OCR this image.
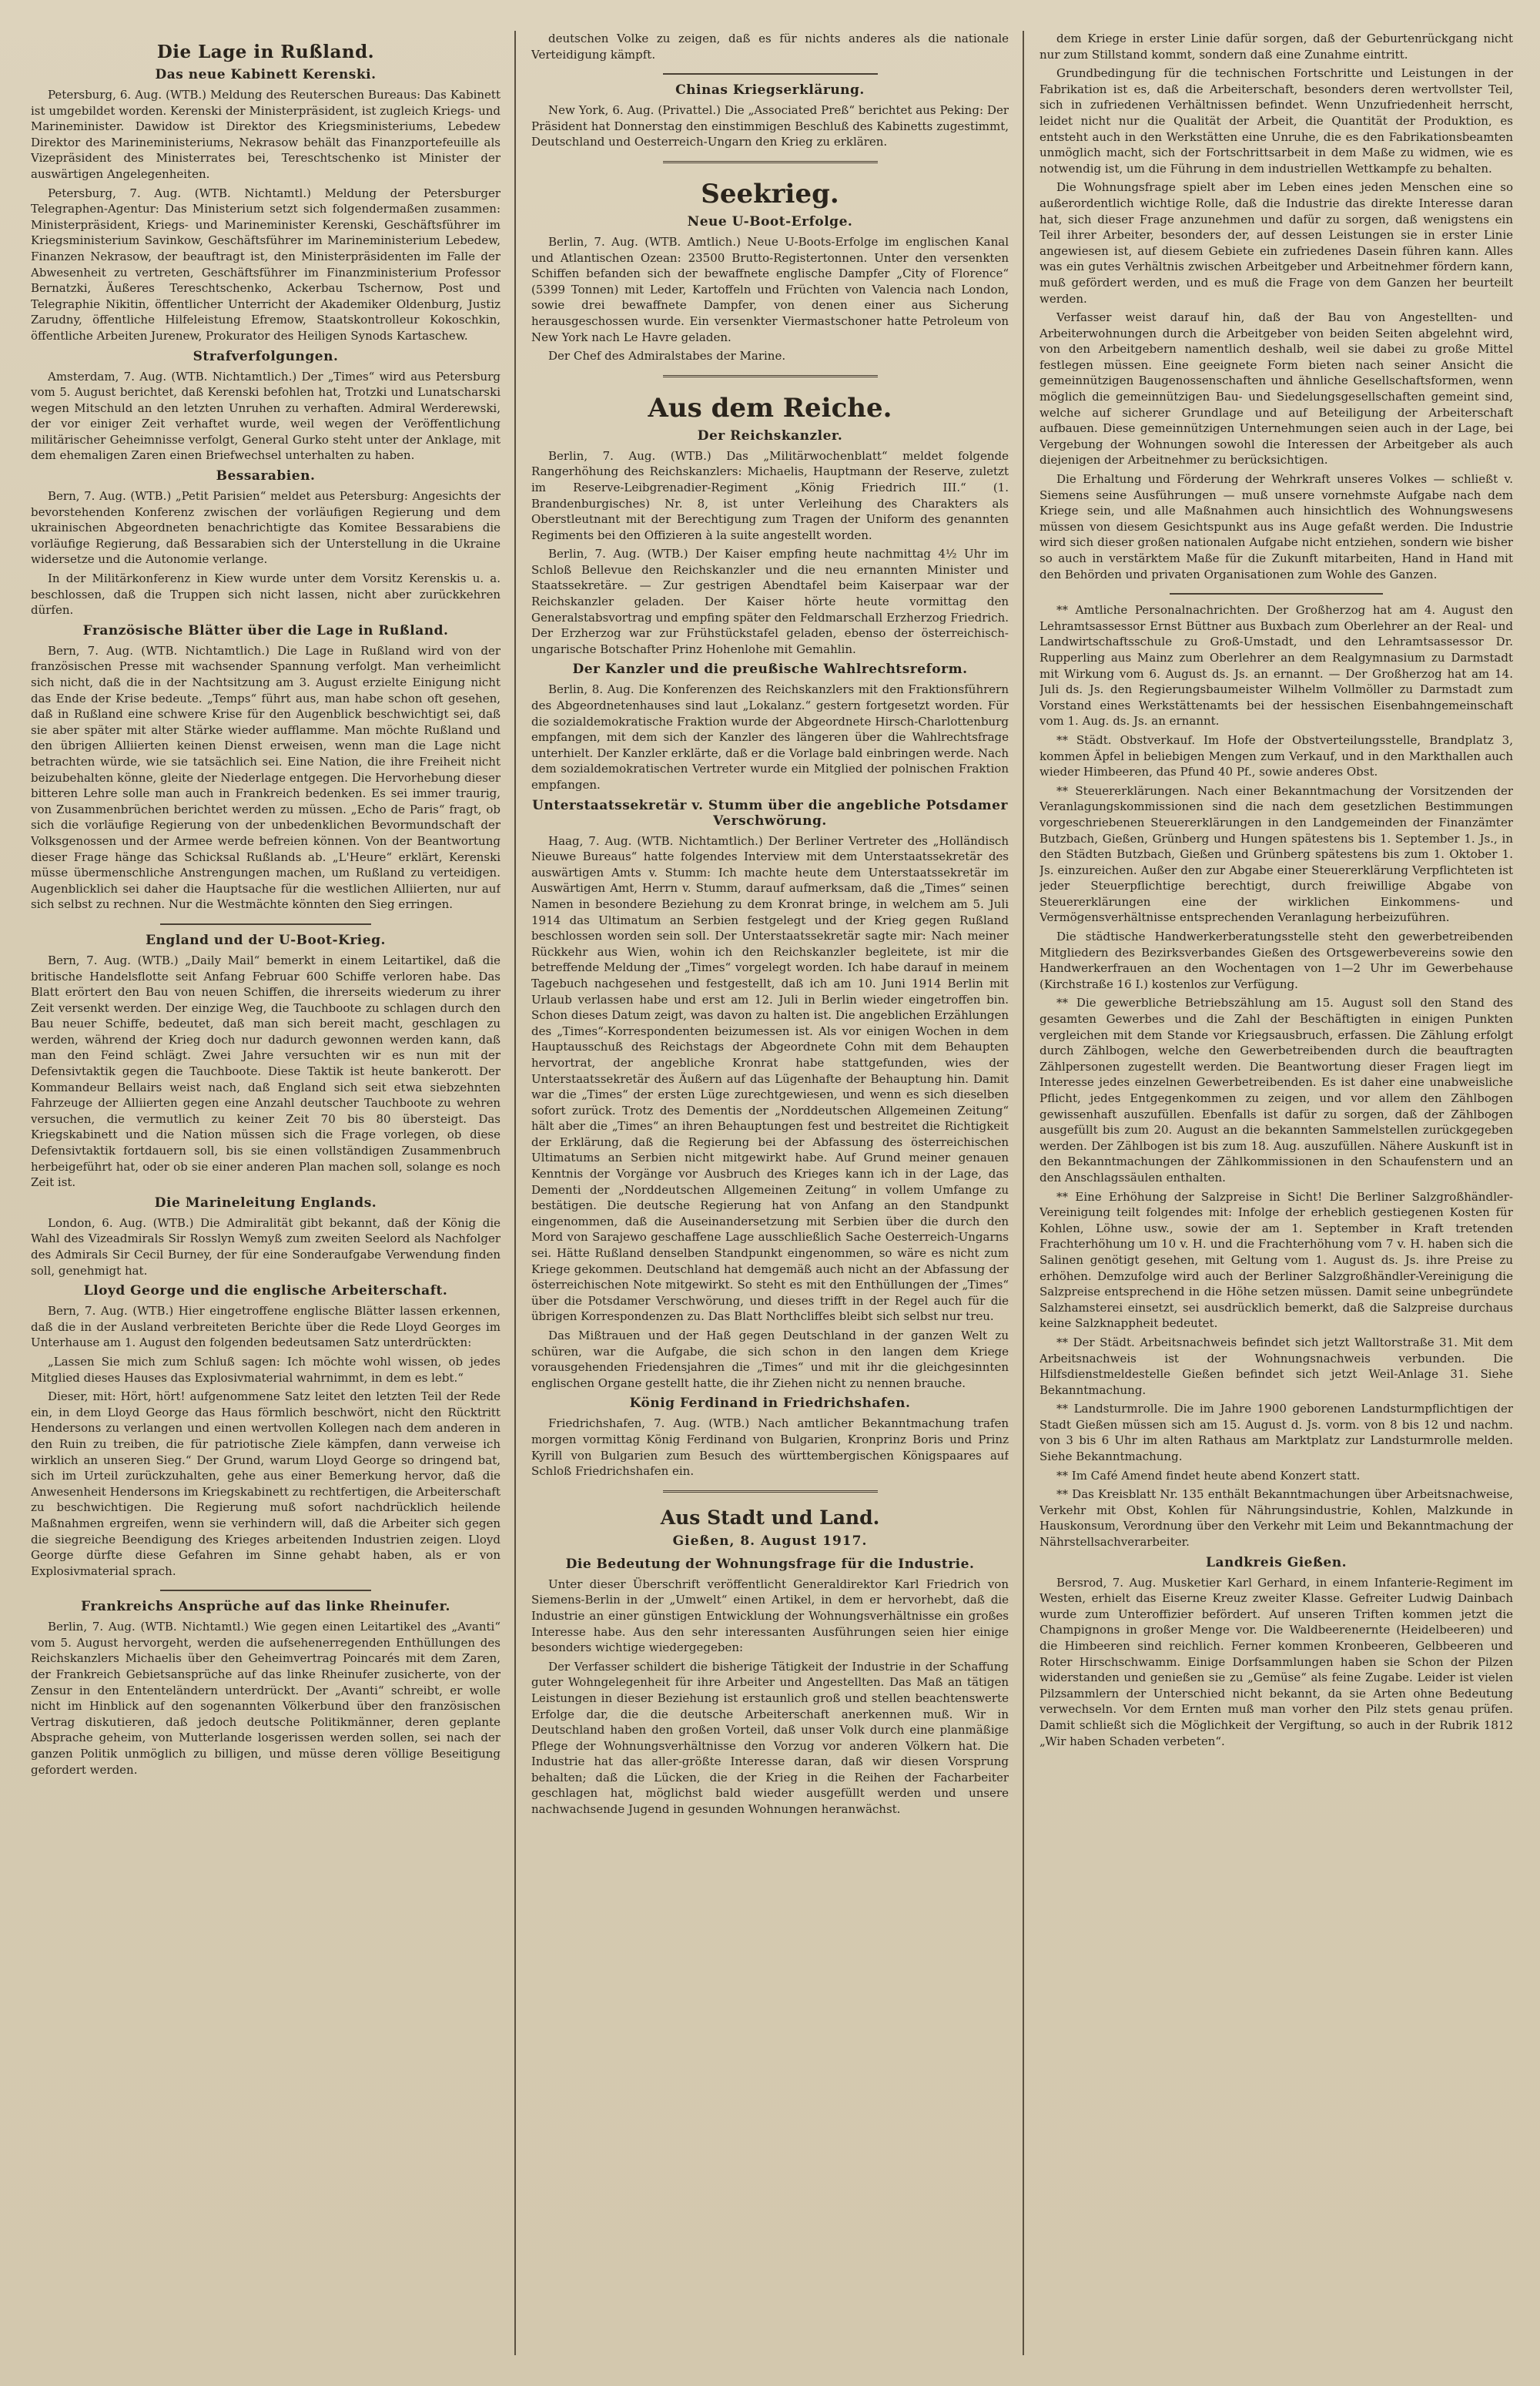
Die Lage in Rußland.
Das neue Kabinett Kerenski.

Petersburg, 6. Aug. (WTB.) Meldung des Reuterschen Bureaus: Das Kabinett ist umgebildet worden. Kerenski der Ministerpräsident, ist zugleich Kriegs- und Marineminister. Dawidow ist Direktor des Kriegsministeriums, Lebedew Direktor des Marineministeriums, Nekrasow behält das Finanzportefeuille als Vizepräsident des Ministerrates bei, Tereschtschenko ist Minister der auswärtigen Angelegenheiten.

Petersburg, 7. Aug. (WTB. Nichtamtl.) Meldung der Petersburger Telegraphen-Agentur: Das Ministerium setzt sich folgendermaßen zusammen: Ministerpräsident, Kriegs- und Marineminister Kerenski, Geschäftsführer im Kriegsministerium Savinkow, Geschäftsführer im Marineministerium Lebedew, Finanzen Nekrasow, der beauftragt ist, den Ministerpräsidenten im Falle der Abwesenheit zu vertreten, Geschäftsführer im Finanzministerium Professor Bernatzki, Äußeres Tereschtschenko, Ackerbau Tschernow, Post und Telegraphie Nikitin, öffentlicher Unterricht der Akademiker Oldenburg, Justiz Zarudny, öffentliche Hilfeleistung Efremow, Staatskontrolleur Kokoschkin, öffentliche Arbeiten Jurenew, Prokurator des Heiligen Synods Kartaschew.

Strafverfolgungen.

Amsterdam, 7. Aug. (WTB. Nichtamtlich.) Der „Times“ wird aus Petersburg vom 5. August berichtet, daß Kerenski befohlen hat, Trotzki und Lunatscharski wegen Mitschuld an den letzten Unruhen zu verhaften. Admiral Werderewski, der vor einiger Zeit verhaftet wurde, weil wegen der Veröffentlichung militärischer Geheimnisse verfolgt, General Gurko steht unter der Anklage, mit dem ehemaligen Zaren einen Briefwechsel unterhalten zu haben.

Bessarabien.

Bern, 7. Aug. (WTB.) „Petit Parisien“ meldet aus Petersburg: Angesichts der bevorstehenden Konferenz zwischen der vorläufigen Regierung und dem ukrainischen Abgeordneten benachrichtigte das Komitee Bessarabiens die vorläufige Regierung, daß Bessarabien sich der Unterstellung in die Ukraine widersetze und die Autonomie verlange.

In der Militärkonferenz in Kiew wurde unter dem Vorsitz Kerenskis u. a. beschlossen, daß die Truppen sich nicht lassen, nicht aber zurückkehren dürfen.

Französische Blätter über die Lage in Rußland.

Bern, 7. Aug. (WTB. Nichtamtlich.) Die Lage in Rußland wird von der französischen Presse mit wachsender Spannung verfolgt. Man verheimlicht sich nicht, daß die in der Nachtsitzung am 3. August erzielte Einigung nicht das Ende der Krise bedeute. „Temps“ führt aus, man habe schon oft gesehen, daß in Rußland eine schwere Krise für den Augenblick beschwichtigt sei, daß sie aber später mit alter Stärke wieder aufflamme. Man möchte Rußland und den übrigen Alliierten keinen Dienst erweisen, wenn man die Lage nicht betrachten würde, wie sie tatsächlich sei. Eine Nation, die ihre Freiheit nicht beizubehalten könne, gleite der Niederlage entgegen. Die Hervorhebung dieser bitteren Lehre solle man auch in Frankreich bedenken. Es sei immer traurig, von Zusammenbrüchen berichtet werden zu müssen. „Echo de Paris“ fragt, ob sich die vorläufige Regierung von der unbedenklichen Bevormundschaft der Volksgenossen und der Armee werde befreien können. Von der Beantwortung dieser Frage hänge das Schicksal Rußlands ab. „L'Heure“ erklärt, Kerenski müsse übermenschliche Anstrengungen machen, um Rußland zu verteidigen. Augenblicklich sei daher die Hauptsache für die westlichen Alliierten, nur auf sich selbst zu rechnen. Nur die Westmächte könnten den Sieg erringen.

England und der U-Boot-Krieg.

Bern, 7. Aug. (WTB.) „Daily Mail“ bemerkt in einem Leitartikel, daß die britische Handelsflotte seit Anfang Februar 600 Schiffe verloren habe. Das Blatt erörtert den Bau von neuen Schiffen, die ihrerseits wiederum zu ihrer Zeit versenkt werden. Der einzige Weg, die Tauchboote zu schlagen durch den Bau neuer Schiffe, bedeutet, daß man sich bereit macht, geschlagen zu werden, während der Krieg doch nur dadurch gewonnen werden kann, daß man den Feind schlägt. Zwei Jahre versuchten wir es nun mit der Defensivtaktik gegen die Tauchboote. Diese Taktik ist heute bankerott. Der Kommandeur Bellairs weist nach, daß England sich seit etwa siebzehnten Fahrzeuge der Alliierten gegen eine Anzahl deutscher Tauchboote zu wehren versuchen, die vermutlich zu keiner Zeit 70 bis 80 übersteigt. Das Kriegskabinett und die Nation müssen sich die Frage vorlegen, ob diese Defensivtaktik fortdauern soll, bis sie einen vollständigen Zusammenbruch herbeigeführt hat, oder ob sie einer anderen Plan machen soll, solange es noch Zeit ist.

Die Marineleitung Englands.

London, 6. Aug. (WTB.) Die Admiralität gibt bekannt, daß der König die Wahl des Vizeadmirals Sir Rosslyn Wemyß zum zweiten Seelord als Nachfolger des Admirals Sir Cecil Burney, der für eine Sonderaufgabe Verwendung finden soll, genehmigt hat.

Lloyd George und die englische Arbeiterschaft.

Bern, 7. Aug. (WTB.) Hier eingetroffene englische Blätter lassen erkennen, daß die in der Ausland verbreiteten Berichte über die Rede Lloyd Georges im Unterhause am 1. August den folgenden bedeutsamen Satz unterdrückten:

„Lassen Sie mich zum Schluß sagen: Ich möchte wohl wissen, ob jedes Mitglied dieses Hauses das Explosivmaterial wahrnimmt, in dem es lebt.“

Dieser, mit: Hört, hört! aufgenommene Satz leitet den letzten Teil der Rede ein, in dem Lloyd George das Haus förmlich beschwört, nicht den Rücktritt Hendersons zu verlangen und einen wertvollen Kollegen nach dem anderen in den Ruin zu treiben, die für patriotische Ziele kämpfen, dann verweise ich wirklich an unseren Sieg.“ Der Grund, warum Lloyd George so dringend bat, sich im Urteil zurückzuhalten, gehe aus einer Bemerkung hervor, daß die Anwesenheit Hendersons im Kriegskabinett zu rechtfertigen, die Arbeiterschaft zu beschwichtigen. Die Regierung muß sofort nachdrücklich heilende Maßnahmen ergreifen, wenn sie verhindern will, daß die Arbeiter sich gegen die siegreiche Beendigung des Krieges arbeitenden Industrien zeigen. Lloyd George dürfte diese Gefahren im Sinne gehabt haben, als er von Explosivmaterial sprach.

Frankreichs Ansprüche auf das linke Rheinufer.

Berlin, 7. Aug. (WTB. Nichtamtl.) Wie gegen einen Leitartikel des „Avanti“ vom 5. August hervorgeht, werden die aufsehenerregenden Enthüllungen des Reichskanzlers Michaelis über den Geheimvertrag Poincarés mit dem Zaren, der Frankreich Gebietsansprüche auf das linke Rheinufer zusicherte, von der Zensur in den Ententeländern unterdrückt. Der „Avanti“ schreibt, er wolle nicht im Hinblick auf den sogenannten Völkerbund über den französischen Vertrag diskutieren, daß jedoch deutsche Politikmänner, deren geplante Absprache geheim, von Mutterlande losgerissen werden sollen, sei nach der ganzen Politik unmöglich zu billigen, und müsse deren völlige Beseitigung gefordert werden.

deutschen Volke zu zeigen, daß es für nichts anderes als die nationale Verteidigung kämpft.

Chinas Kriegserklärung.

New York, 6. Aug. (Privattel.) Die „Associated Preß“ berichtet aus Peking: Der Präsident hat Donnerstag den einstimmigen Beschluß des Kabinetts zugestimmt, Deutschland und Oesterreich-Ungarn den Krieg zu erklären.

Seekrieg.
Neue U-Boot-Erfolge.

Berlin, 7. Aug. (WTB. Amtlich.) Neue U-Boots-Erfolge im englischen Kanal und Atlantischen Ozean: 23500 Brutto-Registertonnen. Unter den versenkten Schiffen befanden sich der bewaffnete englische Dampfer „City of Florence“ (5399 Tonnen) mit Leder, Kartoffeln und Früchten von Valencia nach London, sowie drei bewaffnete Dampfer, von denen einer aus Sicherung herausgeschossen wurde. Ein versenkter Viermastschoner hatte Petroleum von New York nach Le Havre geladen.

Der Chef des Admiralstabes der Marine.

Aus dem Reiche.
Der Reichskanzler.

Berlin, 7. Aug. (WTB.) Das „Militärwochenblatt“ meldet folgende Rangerhöhung des Reichskanzlers: Michaelis, Hauptmann der Reserve, zuletzt im Reserve-Leibgrenadier-Regiment „König Friedrich III.“ (1. Brandenburgisches) Nr. 8, ist unter Verleihung des Charakters als Oberstleutnant mit der Berechtigung zum Tragen der Uniform des genannten Regiments bei den Offizieren à la suite angestellt worden.

Berlin, 7. Aug. (WTB.) Der Kaiser empfing heute nachmittag 4½ Uhr im Schloß Bellevue den Reichskanzler und die neu ernannten Minister und Staatssekretäre. — Zur gestrigen Abendtafel beim Kaiserpaar war der Reichskanzler geladen. Der Kaiser hörte heute vormittag den Generalstabsvortrag und empfing später den Feldmarschall Erzherzog Friedrich. Der Erzherzog war zur Frühstückstafel geladen, ebenso der österreichisch-ungarische Botschafter Prinz Hohenlohe mit Gemahlin.

Der Kanzler und die preußische Wahlrechtsreform.

Berlin, 8. Aug. Die Konferenzen des Reichskanzlers mit den Fraktionsführern des Abgeordnetenhauses sind laut „Lokalanz.“ gestern fortgesetzt worden. Für die sozialdemokratische Fraktion wurde der Abgeordnete Hirsch-Charlottenburg empfangen, mit dem sich der Kanzler des längeren über die Wahlrechtsfrage unterhielt. Der Kanzler erklärte, daß er die Vorlage bald einbringen werde. Nach dem sozialdemokratischen Vertreter wurde ein Mitglied der polnischen Fraktion empfangen.

Unterstaatssekretär v. Stumm über die angebliche Potsdamer Verschwörung.

Haag, 7. Aug. (WTB. Nichtamtlich.) Der Berliner Vertreter des „Holländisch Nieuwe Bureaus“ hatte folgendes Interview mit dem Unterstaatssekretär des auswärtigen Amts v. Stumm: Ich machte heute dem Unterstaatssekretär im Auswärtigen Amt, Herrn v. Stumm, darauf aufmerksam, daß die „Times“ seinen Namen in besondere Beziehung zu dem Kronrat bringe, in welchem am 5. Juli 1914 das Ultimatum an Serbien festgelegt und der Krieg gegen Rußland beschlossen worden sein soll. Der Unterstaatssekretär sagte mir: Nach meiner Rückkehr aus Wien, wohin ich den Reichskanzler begleitete, ist mir die betreffende Meldung der „Times“ vorgelegt worden. Ich habe darauf in meinem Tagebuch nachgesehen und festgestellt, daß ich am 10. Juni 1914 Berlin mit Urlaub verlassen habe und erst am 12. Juli in Berlin wieder eingetroffen bin. Schon dieses Datum zeigt, was davon zu halten ist. Die angeblichen Erzählungen des „Times“-Korrespondenten beizumessen ist. Als vor einigen Wochen in dem Hauptausschuß des Reichstags der Abgeordnete Cohn mit dem Behaupten hervortrat, der angebliche Kronrat habe stattgefunden, wies der Unterstaatssekretär des Äußern auf das Lügenhafte der Behauptung hin. Damit war die „Times“ der ersten Lüge zurechtgewiesen, und wenn es sich dieselben sofort zurück. Trotz des Dementis der „Norddeutschen Allgemeinen Zeitung“ hält aber die „Times“ an ihren Behauptungen fest und bestreitet die Richtigkeit der Erklärung, daß die Regierung bei der Abfassung des österreichischen Ultimatums an Serbien nicht mitgewirkt habe. Auf Grund meiner genauen Kenntnis der Vorgänge vor Ausbruch des Krieges kann ich in der Lage, das Dementi der „Norddeutschen Allgemeinen Zeitung“ in vollem Umfange zu bestätigen. Die deutsche Regierung hat von Anfang an den Standpunkt eingenommen, daß die Auseinandersetzung mit Serbien über die durch den Mord von Sarajewo geschaffene Lage ausschließlich Sache Oesterreich-Ungarns sei. Hätte Rußland denselben Standpunkt eingenommen, so wäre es nicht zum Kriege gekommen. Deutschland hat demgemäß auch nicht an der Abfassung der österreichischen Note mitgewirkt. So steht es mit den Enthüllungen der „Times“ über die Potsdamer Verschwörung, und dieses trifft in der Regel auch für die übrigen Korrespondenzen zu. Das Blatt Northcliffes bleibt sich selbst nur treu.

Das Mißtrauen und der Haß gegen Deutschland in der ganzen Welt zu schüren, war die Aufgabe, die sich schon in den langen dem Kriege vorausgehenden Friedensjahren die „Times“ und mit ihr die gleichgesinnten englischen Organe gestellt hatte, die ihr Ziehen nicht zu nennen brauche.

König Ferdinand in Friedrichshafen.

Friedrichshafen, 7. Aug. (WTB.) Nach amtlicher Bekanntmachung trafen morgen vormittag König Ferdinand von Bulgarien, Kronprinz Boris und Prinz Kyrill von Bulgarien zum Besuch des württembergischen Königspaares auf Schloß Friedrichshafen ein.

Aus Stadt und Land.
Gießen, 8. August 1917.
Die Bedeutung der Wohnungsfrage für die Industrie.

Unter dieser Überschrift veröffentlicht Generaldirektor Karl Friedrich von Siemens-Berlin in der „Umwelt“ einen Artikel, in dem er hervorhebt, daß die Industrie an einer günstigen Entwicklung der Wohnungsverhältnisse ein großes Interesse habe. Aus den sehr interessanten Ausführungen seien hier einige besonders wichtige wiedergegeben:

Der Verfasser schildert die bisherige Tätigkeit der Industrie in der Schaffung guter Wohngelegenheit für ihre Arbeiter und Angestellten. Das Maß an tätigen Leistungen in dieser Beziehung ist erstaunlich groß und stellen beachtenswerte Erfolge dar, die die deutsche Arbeiterschaft anerkennen muß. Wir in Deutschland haben den großen Vorteil, daß unser Volk durch eine planmäßige Pflege der Wohnungsverhältnisse den Vorzug vor anderen Völkern hat. Die Industrie hat das aller-größte Interesse daran, daß wir diesen Vorsprung behalten; daß die Lücken, die der Krieg in die Reihen der Facharbeiter geschlagen hat, möglichst bald wieder ausgefüllt werden und unsere nachwachsende Jugend in gesunden Wohnungen heranwächst.

dem Kriege in erster Linie dafür sorgen, daß der Geburtenrückgang nicht nur zum Stillstand kommt, sondern daß eine Zunahme eintritt.

Grundbedingung für die technischen Fortschritte und Leistungen in der Fabrikation ist es, daß die Arbeiterschaft, besonders deren wertvollster Teil, sich in zufriedenen Verhältnissen befindet. Wenn Unzufriedenheit herrscht, leidet nicht nur die Qualität der Arbeit, die Quantität der Produktion, es entsteht auch in den Werkstätten eine Unruhe, die es den Fabrikationsbeamten unmöglich macht, sich der Fortschrittsarbeit in dem Maße zu widmen, wie es notwendig ist, um die Führung in dem industriellen Wettkampfe zu behalten.

Die Wohnungsfrage spielt aber im Leben eines jeden Menschen eine so außerordentlich wichtige Rolle, daß die Industrie das direkte Interesse daran hat, sich dieser Frage anzunehmen und dafür zu sorgen, daß wenigstens ein Teil ihrer Arbeiter, besonders der, auf dessen Leistungen sie in erster Linie angewiesen ist, auf diesem Gebiete ein zufriedenes Dasein führen kann. Alles was ein gutes Verhältnis zwischen Arbeitgeber und Arbeitnehmer fördern kann, muß gefördert werden, und es muß die Frage von dem Ganzen her beurteilt werden.

Verfasser weist darauf hin, daß der Bau von Angestellten- und Arbeiterwohnungen durch die Arbeitgeber von beiden Seiten abgelehnt wird, von den Arbeitgebern namentlich deshalb, weil sie dabei zu große Mittel festlegen müssen. Eine geeignete Form bieten nach seiner Ansicht die gemeinnützigen Baugenossenschaften und ähnliche Gesellschaftsformen, wenn möglich die gemeinnützigen Bau- und Siedelungsgesellschaften gemeint sind, welche auf sicherer Grundlage und auf Beteiligung der Arbeiterschaft aufbauen. Diese gemeinnützigen Unternehmungen seien auch in der Lage, bei Vergebung der Wohnungen sowohl die Interessen der Arbeitgeber als auch diejenigen der Arbeitnehmer zu berücksichtigen.

Die Erhaltung und Förderung der Wehrkraft unseres Volkes — schließt v. Siemens seine Ausführungen — muß unsere vornehmste Aufgabe nach dem Kriege sein, und alle Maßnahmen auch hinsichtlich des Wohnungswesens müssen von diesem Gesichtspunkt aus ins Auge gefaßt werden. Die Industrie wird sich dieser großen nationalen Aufgabe nicht entziehen, sondern wie bisher so auch in verstärktem Maße für die Zukunft mitarbeiten, Hand in Hand mit den Behörden und privaten Organisationen zum Wohle des Ganzen.

** Amtliche Personalnachrichten. Der Großherzog hat am 4. August den Lehramtsassessor Ernst Büttner aus Buxbach zum Oberlehrer an der Real- und Landwirtschaftsschule zu Groß-Umstadt, und den Lehramtsassessor Dr. Rupperling aus Mainz zum Oberlehrer an dem Realgymnasium zu Darmstadt mit Wirkung vom 6. August ds. Js. an ernannt. — Der Großherzog hat am 14. Juli ds. Js. den Regierungsbaumeister Wilhelm Vollmöller zu Darmstadt zum Vorstand eines Werkstättenamts bei der hessischen Eisenbahngemeinschaft vom 1. Aug. ds. Js. an ernannt.

** Städt. Obstverkauf. Im Hofe der Obstverteilungsstelle, Brandplatz 3, kommen Äpfel in beliebigen Mengen zum Verkauf, und in den Markthallen auch wieder Himbeeren, das Pfund 40 Pf., sowie anderes Obst.

** Steuererklärungen. Nach einer Bekanntmachung der Vorsitzenden der Veranlagungskommissionen sind die nach dem gesetzlichen Bestimmungen vorgeschriebenen Steuererklärungen in den Landgemeinden der Finanzämter Butzbach, Gießen, Grünberg und Hungen spätestens bis 1. September 1. Js., in den Städten Butzbach, Gießen und Grünberg spätestens bis zum 1. Oktober 1. Js. einzureichen. Außer den zur Abgabe einer Steuererklärung Verpflichteten ist jeder Steuerpflichtige berechtigt, durch freiwillige Abgabe von Steuererklärungen eine der wirklichen Einkommens- und Vermögensverhältnisse entsprechenden Veranlagung herbeizuführen.

Die städtische Handwerkerberatungsstelle steht den gewerbetreibenden Mitgliedern des Bezirksverbandes Gießen des Ortsgewerbevereins sowie den Handwerkerfrauen an den Wochentagen von 1—2 Uhr im Gewerbehause (Kirchstraße 16 I.) kostenlos zur Verfügung.

** Die gewerbliche Betriebszählung am 15. August soll den Stand des gesamten Gewerbes und die Zahl der Beschäftigten in einigen Punkten vergleichen mit dem Stande vor Kriegsausbruch, erfassen. Die Zählung erfolgt durch Zählbogen, welche den Gewerbetreibenden durch die beauftragten Zählpersonen zugestellt werden. Die Beantwortung dieser Fragen liegt im Interesse jedes einzelnen Gewerbetreibenden. Es ist daher eine unabweisliche Pflicht, jedes Entgegenkommen zu zeigen, und vor allem den Zählbogen gewissenhaft auszufüllen. Ebenfalls ist dafür zu sorgen, daß der Zählbogen ausgefüllt bis zum 20. August an die bekannten Sammelstellen zurückgegeben werden. Der Zählbogen ist bis zum 18. Aug. auszufüllen. Nähere Auskunft ist in den Bekanntmachungen der Zählkommissionen in den Schaufenstern und an den Anschlagssäulen enthalten.

** Eine Erhöhung der Salzpreise in Sicht! Die Berliner Salzgroßhändler-Vereinigung teilt folgendes mit: Infolge der erheblich gestiegenen Kosten für Kohlen, Löhne usw., sowie der am 1. September in Kraft tretenden Frachterhöhung um 10 v. H. und die Frachterhöhung vom 7 v. H. haben sich die Salinen genötigt gesehen, mit Geltung vom 1. August ds. Js. ihre Preise zu erhöhen. Demzufolge wird auch der Berliner Salzgroßhändler-Vereinigung die Salzpreise entsprechend in die Höhe setzen müssen. Damit seine unbegründete Salzhamsterei einsetzt, sei ausdrücklich bemerkt, daß die Salzpreise durchaus keine Salzknappheit bedeutet.

** Der Städt. Arbeitsnachweis befindet sich jetzt Walltorstraße 31. Mit dem Arbeitsnachweis ist der Wohnungsnachweis verbunden. Die Hilfsdienstmeldestelle Gießen befindet sich jetzt Weil-Anlage 31. Siehe Bekanntmachung.

** Landsturmrolle. Die im Jahre 1900 geborenen Landsturmpflichtigen der Stadt Gießen müssen sich am 15. August d. Js. vorm. von 8 bis 12 und nachm. von 3 bis 6 Uhr im alten Rathaus am Marktplatz zur Landsturmrolle melden. Siehe Bekanntmachung.

** Im Café Amend findet heute abend Konzert statt.

** Das Kreisblatt Nr. 135 enthält Bekanntmachungen über Arbeitsnachweise, Verkehr mit Obst, Kohlen für Nährungsindustrie, Kohlen, Malzkunde in Hauskonsum, Verordnung über den Verkehr mit Leim und Bekanntmachung der Nährstellsachverarbeiter.

Landkreis Gießen.

Bersrod, 7. Aug. Musketier Karl Gerhard, in einem Infanterie-Regiment im Westen, erhielt das Eiserne Kreuz zweiter Klasse. Gefreiter Ludwig Dainbach wurde zum Unteroffizier befördert. Auf unseren Triften kommen jetzt die Champignons in großer Menge vor. Die Waldbeerenernte (Heidelbeeren) und die Himbeeren sind reichlich. Ferner kommen Kronbeeren, Gelbbeeren und Roter Hirschschwamm. Einige Dorfsammlungen haben sie Schon der Pilzen widerstanden und genießen sie zu „Gemüse“ als feine Zugabe. Leider ist vielen Pilzsammlern der Unterschied nicht bekannt, da sie Arten ohne Bedeutung verwechseln. Vor dem Ernten muß man vorher den Pilz stets genau prüfen. Damit schließt sich die Möglichkeit der Vergiftung, so auch in der Rubrik 1812 „Wir haben Schaden verbeten“.
